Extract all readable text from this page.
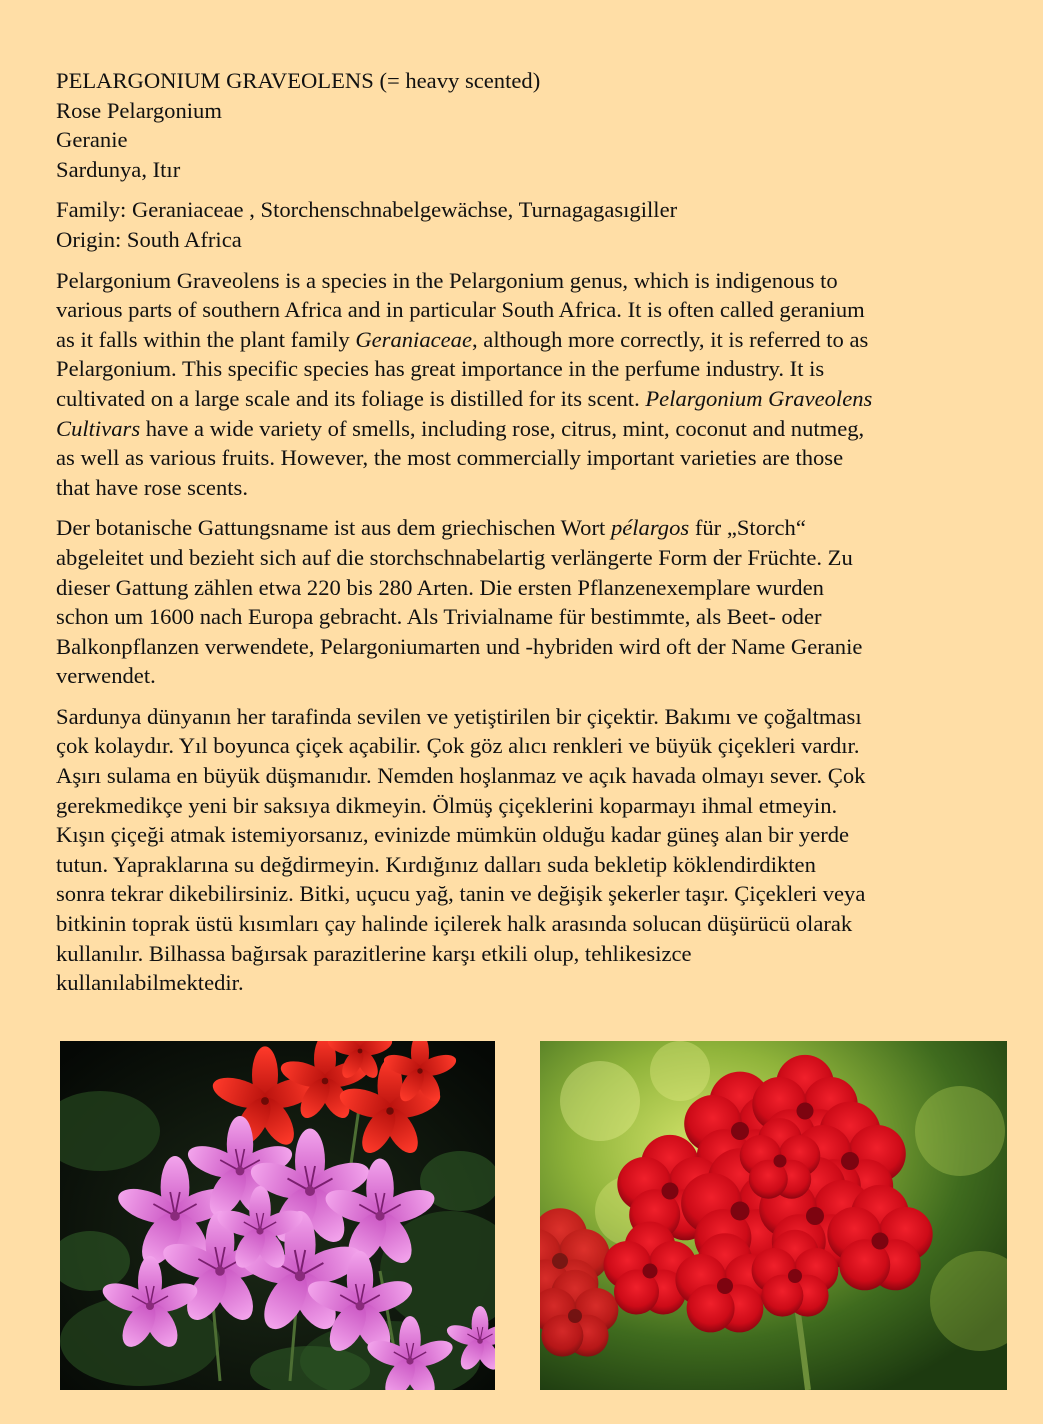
PELARGONIUM GRAVEOLENS (= heavy scented)
Rose Pelargonium
Geranie
Sardunya, Itır
Family: Geraniaceae , Storchenschnabelgewächse, Turnagagasıgiller
Origin: South Africa
Pelargonium Graveolens is a species in the Pelargonium genus, which is indigenous to
various parts of southern Africa and in particular South Africa. It is often called geranium
as it falls within the plant family Geraniaceae, although more correctly, it is referred to as
Pelargonium. This specific species has great importance in the perfume industry. It is
cultivated on a large scale and its foliage is distilled for its scent. Pelargonium Graveolens
Cultivars have a wide variety of smells, including rose, citrus, mint, coconut and nutmeg,
as well as various fruits. However, the most commercially important varieties are those
that have rose scents.
Der botanische Gattungsname ist aus dem griechischen Wort pélargos für „Storch“
abgeleitet und bezieht sich auf die storchschnabelartig verlängerte Form der Früchte. Zu
dieser Gattung zählen etwa 220 bis 280 Arten. Die ersten Pflanzenexemplare wurden
schon um 1600 nach Europa gebracht. Als Trivialname für bestimmte, als Beet- oder
Balkonpflanzen verwendete, Pelargoniumarten und -hybriden wird oft der Name Geranie
verwendet.
Sardunya dünyanın her tarafinda sevilen ve yetiştirilen bir çiçektir. Bakımı ve çoğaltması
çok kolaydır. Yıl boyunca çiçek açabilir. Çok göz alıcı renkleri ve büyük çiçekleri vardır.
Aşırı sulama en büyük düşmanıdır. Nemden hoşlanmaz ve açık havada olmayı sever. Çok
gerekmedikçe yeni bir saksıya dikmeyin. Ölmüş çiçeklerini koparmayı ihmal etmeyin.
Kışın çiçeği atmak istemiyorsanız, evinizde mümkün olduğu kadar güneş alan bir yerde
tutun. Yapraklarına su değdirmeyin. Kırdığınız dalları suda bekletip köklendirdikten
sonra tekrar dikebilirsiniz. Bitki, uçucu yağ, tanin ve değişik şekerler taşır. Çiçekleri veya
bitkinin toprak üstü kısımları çay halinde içilerek halk arasında solucan düşürücü olarak
kullanılır. Bilhassa bağırsak parazitlerine karşı etkili olup, tehlikesizce
kullanılabilmektedir.
